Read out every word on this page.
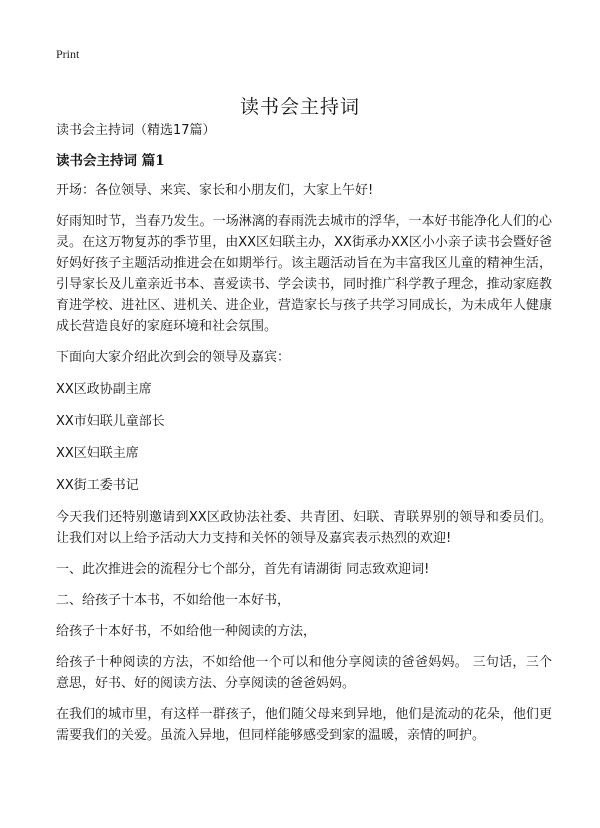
Print
读书会主持词

读书会主持词（精选17篇）

读书会主持词 篇1

开场：各位领导、来宾、家长和小朋友们，大家上午好!

好雨知时节，当春乃发生。一场淋漓的春雨洗去城市的浮华，一本好书能净化人们的心灵。在这万物复苏的季节里，由XX区妇联主办，XX街承办XX区小小亲子读书会暨好爸好妈好孩子主题活动推进会在如期举行。该主题活动旨在为丰富我区儿童的精神生活，引导家长及儿童亲近书本、喜爱读书、学会读书，同时推广科学教子理念，推动家庭教育进学校、进社区、进机关、进企业，营造家长与孩子共学习同成长，为未成年人健康成长营造良好的家庭环境和社会氛围。

下面向大家介绍此次到会的领导及嘉宾：

XX区政协副主席

XX市妇联儿童部长

XX区妇联主席

XX街工委书记

今天我们还特别邀请到XX区政协法社委、共青团、妇联、青联界别的领导和委员们。让我们对以上给予活动大力支持和关怀的领导及嘉宾表示热烈的欢迎!

一、此次推进会的流程分七个部分，首先有请湖街 同志致欢迎词!

二、给孩子十本书，不如给他一本好书，

给孩子十本好书，不如给他一种阅读的方法，

给孩子十种阅读的方法，不如给他一个可以和他分享阅读的爸爸妈妈。 三句话，三个意思，好书、好的阅读方法、分享阅读的爸爸妈妈。

在我们的城市里，有这样一群孩子，他们随父母来到异地，他们是流动的花朵，他们更需要我们的关爱。虽流入异地，但同样能够感受到家的温暖，亲情的呵护。
